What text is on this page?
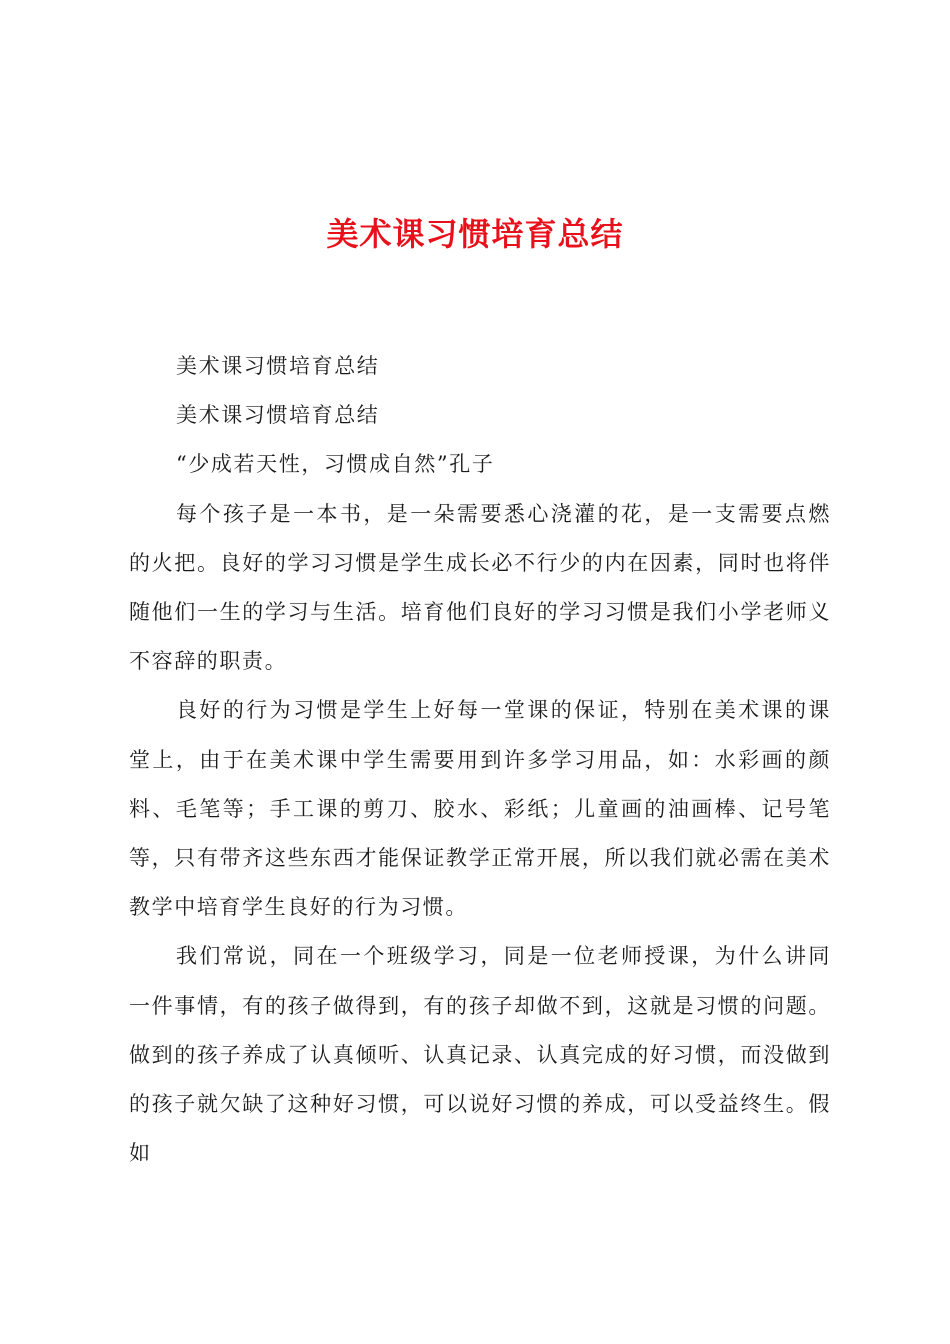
美术课习惯培育总结

美术课习惯培育总结

美术课习惯培育总结

“少成若天性，习惯成自然”孔子

每个孩子是一本书，是一朵需要悉心浇灌的花，是一支需要点燃的火把。良好的学习习惯是学生成长必不行少的内在因素，同时也将伴随他们一生的学习与生活。培育他们良好的学习习惯是我们小学老师义不容辞的职责。

良好的行为习惯是学生上好每一堂课的保证，特别在美术课的课堂上，由于在美术课中学生需要用到许多学习用品，如：水彩画的颜料、毛笔等；手工课的剪刀、胶水、彩纸；儿童画的油画棒、记号笔等，只有带齐这些东西才能保证教学正常开展，所以我们就必需在美术教学中培育学生良好的行为习惯。

我们常说，同在一个班级学习，同是一位老师授课，为什么讲同一件事情，有的孩子做得到，有的孩子却做不到，这就是习惯的问题。做到的孩子养成了认真倾听、认真记录、认真完成的好习惯，而没做到的孩子就欠缺了这种好习惯，可以说好习惯的养成，可以受益终生。假如
